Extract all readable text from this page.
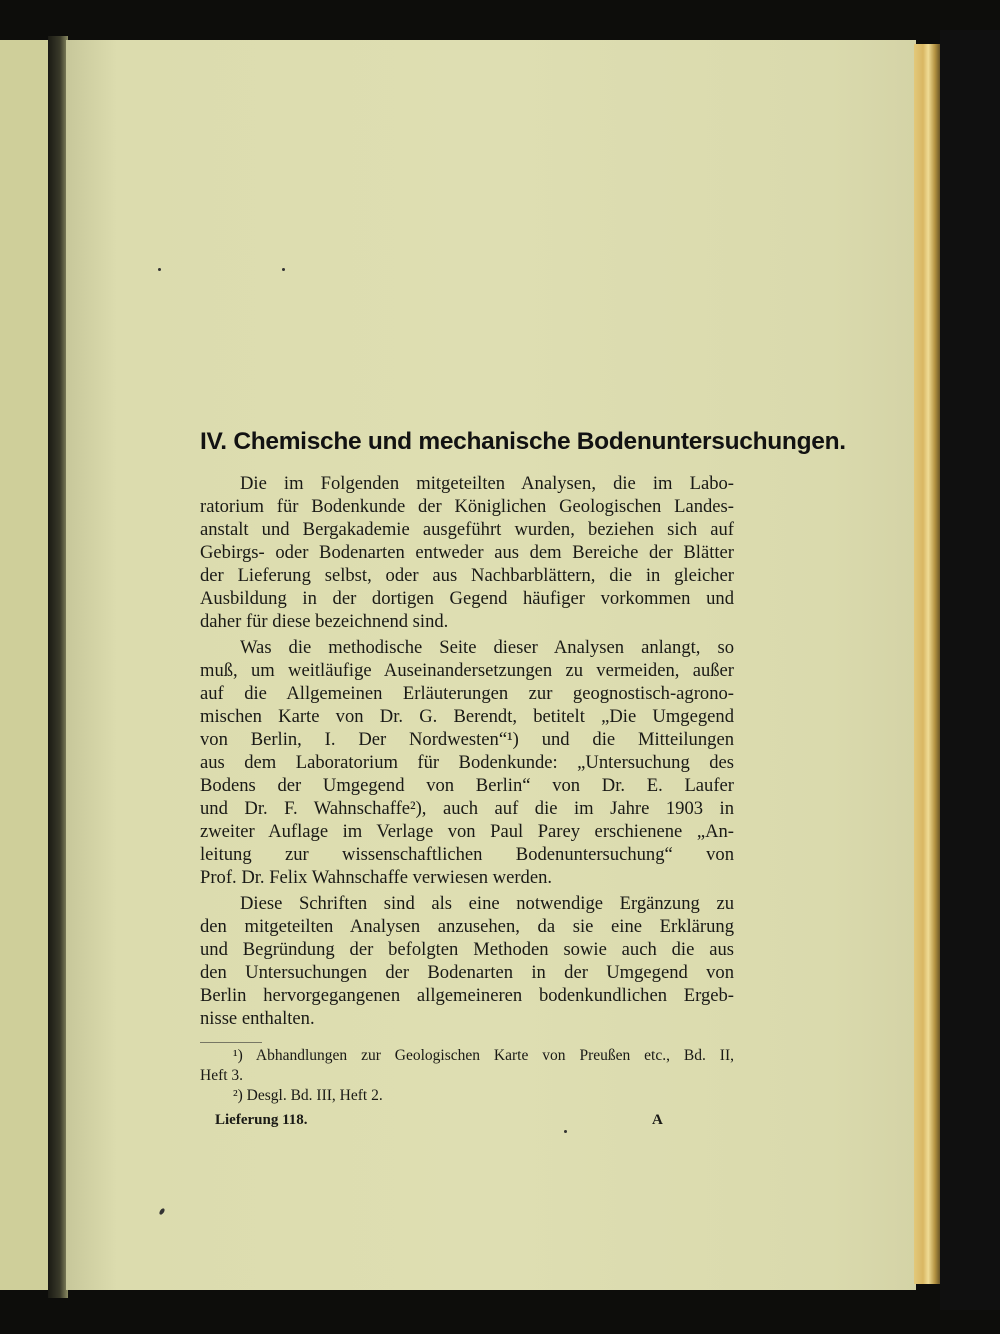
IV. Chemische und mechanische Bodenuntersuchungen.
Die im Folgenden mitgeteilten Analysen, die im Labo-
ratorium für Bodenkunde der Königlichen Geologischen Landes-
anstalt und Bergakademie ausgeführt wurden, beziehen sich auf
Gebirgs- oder Bodenarten entweder aus dem Bereiche der Blätter
der Lieferung selbst, oder aus Nachbarblättern, die in gleicher
Ausbildung in der dortigen Gegend häufiger vorkommen und
daher für diese bezeichnend sind.
Was die methodische Seite dieser Analysen anlangt, so
muß, um weitläufige Auseinandersetzungen zu vermeiden, außer
auf die Allgemeinen Erläuterungen zur geognostisch-agrono-
mischen Karte von Dr. G. Berendt, betitelt „Die Umgegend
von Berlin, I. Der Nordwesten“¹) und die Mitteilungen
aus dem Laboratorium für Bodenkunde: „Untersuchung des
Bodens der Umgegend von Berlin“ von Dr. E. Laufer
und Dr. F. Wahnschaffe²), auch auf die im Jahre 1903 in
zweiter Auflage im Verlage von Paul Parey erschienene „An-
leitung zur wissenschaftlichen Bodenuntersuchung“ von
Prof. Dr. Felix Wahnschaffe verwiesen werden.
Diese Schriften sind als eine notwendige Ergänzung zu
den mitgeteilten Analysen anzusehen, da sie eine Erklärung
und Begründung der befolgten Methoden sowie auch die aus
den Untersuchungen der Bodenarten in der Umgegend von
Berlin hervorgegangenen allgemeineren bodenkundlichen Ergeb-
nisse enthalten.
¹) Abhandlungen zur Geologischen Karte von Preußen etc., Bd. II,
Heft 3.
²) Desgl. Bd. III, Heft 2.
Lieferung 118.	A
